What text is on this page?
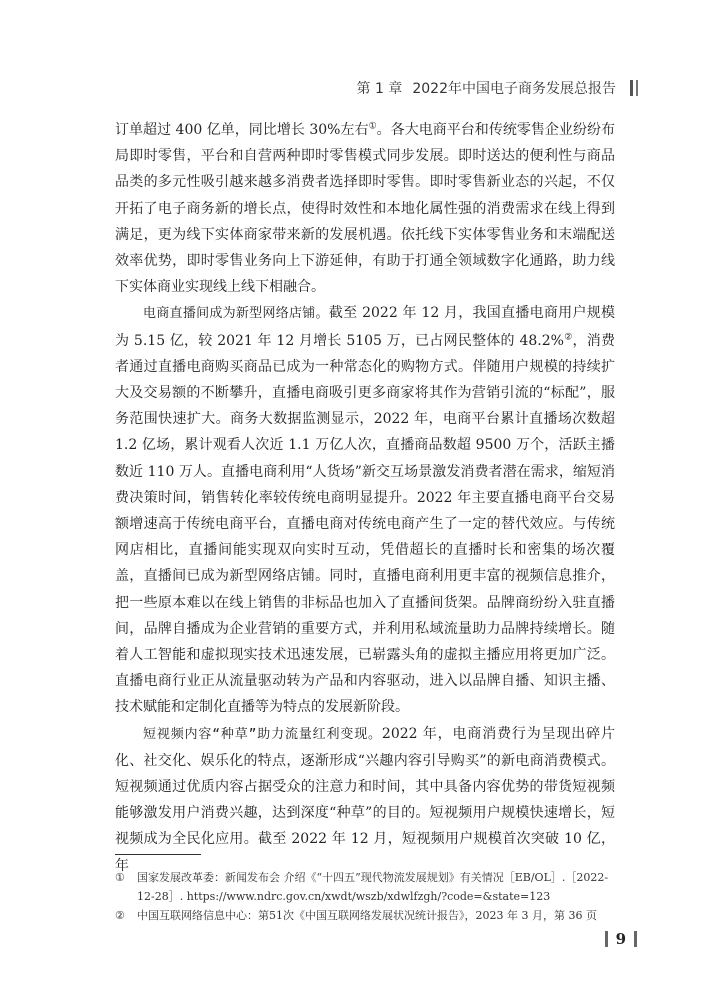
第 1 章 2022年中国电子商务发展总报告

订单超过 400 亿单，同比增长 30%左右①。各大电商平台和传统零售企业纷纷布局即时零售，平台和自营两种即时零售模式同步发展。即时送达的便利性与商品品类的多元性吸引越来越多消费者选择即时零售。即时零售新业态的兴起，不仅开拓了电子商务新的增长点，使得时效性和本地化属性强的消费需求在线上得到满足，更为线下实体商家带来新的发展机遇。依托线下实体零售业务和末端配送效率优势，即时零售业务向上下游延伸，有助于打通全领域数字化通路，助力线下实体商业实现线上线下相融合。

电商直播间成为新型网络店铺。截至 2022 年 12 月，我国直播电商用户规模为 5.15 亿，较 2021 年 12 月增长 5105 万，已占网民整体的 48.2%②，消费者通过直播电商购买商品已成为一种常态化的购物方式。伴随用户规模的持续扩大及交易额的不断攀升，直播电商吸引更多商家将其作为营销引流的“标配”，服务范围快速扩大。商务大数据监测显示，2022 年，电商平台累计直播场次数超 1.2 亿场，累计观看人次近 1.1 万亿人次，直播商品数超 9500 万个，活跃主播数近 110 万人。直播电商利用“人货场”新交互场景激发消费者潜在需求，缩短消费决策时间，销售转化率较传统电商明显提升。2022 年主要直播电商平台交易额增速高于传统电商平台，直播电商对传统电商产生了一定的替代效应。与传统网店相比，直播间能实现双向实时互动，凭借超长的直播时长和密集的场次覆盖，直播间已成为新型网络店铺。同时，直播电商利用更丰富的视频信息推介，把一些原本难以在线上销售的非标品也加入了直播间货架。品牌商纷纷入驻直播间，品牌自播成为企业营销的重要方式，并利用私域流量助力品牌持续增长。随着人工智能和虚拟现实技术迅速发展，已崭露头角的虚拟主播应用将更加广泛。直播电商行业正从流量驱动转为产品和内容驱动，进入以品牌自播、知识主播、技术赋能和定制化直播等为特点的发展新阶段。

短视频内容“种草”助力流量红利变现。2022 年，电商消费行为呈现出碎片化、社交化、娱乐化的特点，逐渐形成“兴趣内容引导购买”的新电商消费模式。短视频通过优质内容占据受众的注意力和时间，其中具备内容优势的带货短视频能够激发用户消费兴趣，达到深度“种草”的目的。短视频用户规模快速增长，短视频成为全民化应用。截至 2022 年 12 月，短视频用户规模首次突破 10 亿，年

①	国家发展改革委：新闻发布会 介绍《“十四五”现代物流发展规划》有关情况［EB/OL］.［2022-12-28］. https://www.ndrc.gov.cn/xwdt/wszb/xdwlfzgh/?code=&state=123
②	中国互联网络信息中心：第51次《中国互联网络发展状况统计报告》，2023 年 3 月，第 36 页
9
